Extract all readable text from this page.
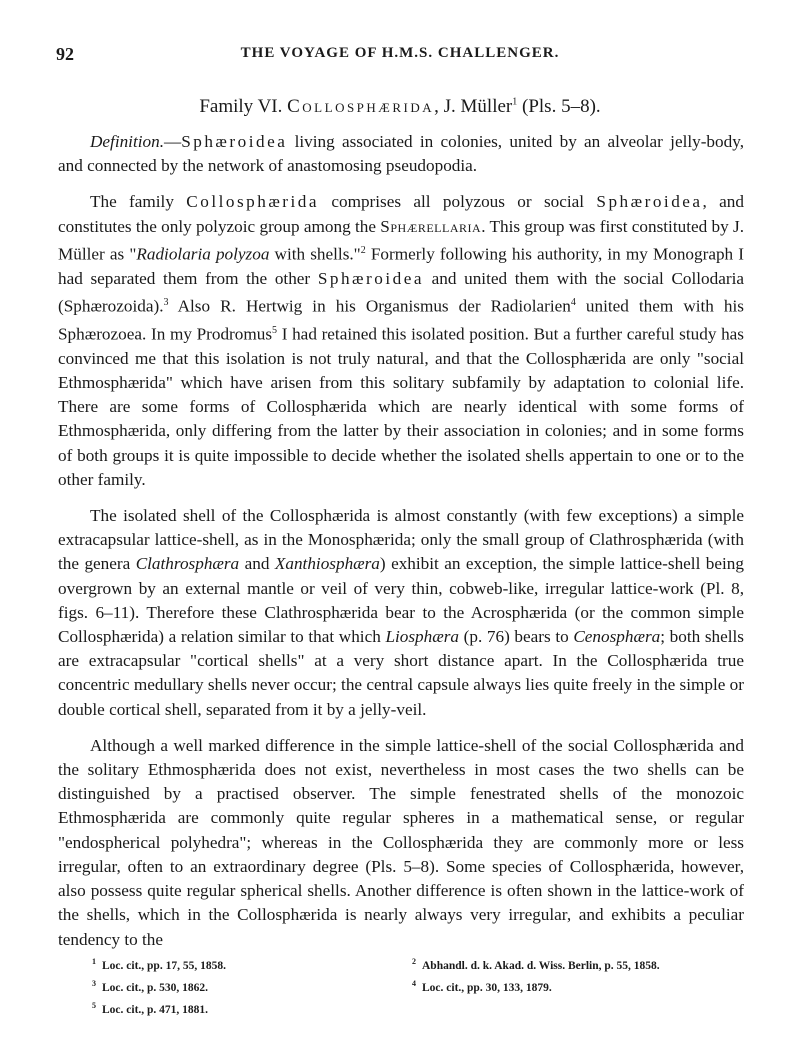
92	THE VOYAGE OF H.M.S. CHALLENGER.
Family VI. Collosphærida, J. Müller$^1$ (Pls. 5–8).

Definition.—Sphæroidea living associated in colonies, united by an alveolar jelly-body, and connected by the network of anastomosing pseudopodia.

The family Collosphærida comprises all polyzous or social Sphæroidea, and constitutes the only polyzoic group among the Sphærellaria. This group was first constituted by J. Müller as "Radiolaria polyzoa with shells."$^2$ Formerly following his authority, in my Monograph I had separated them from the other Sphæroidea and united them with the social Collodaria (Sphærozoida).$^3$ Also R. Hertwig in his Organismus der Radiolarien$^4$ united them with his Sphærozoea. In my Prodromus$^5$ I had retained this isolated position. But a further careful study has convinced me that this isolation is not truly natural, and that the Collosphærida are only "social Ethmosphærida" which have arisen from this solitary subfamily by adaptation to colonial life. There are some forms of Collosphærida which are nearly identical with some forms of Ethmosphærida, only differing from the latter by their association in colonies; and in some forms of both groups it is quite impossible to decide whether the isolated shells appertain to one or to the other family.

The isolated shell of the Collosphærida is almost constantly (with few exceptions) a simple extracapsular lattice-shell, as in the Monosphærida; only the small group of Clathrosphærida (with the genera Clathrosphæra and Xanthiosphæra) exhibit an exception, the simple lattice-shell being overgrown by an external mantle or veil of very thin, cobweb-like, irregular lattice-work (Pl. 8, figs. 6–11). Therefore these Clathrosphærida bear to the Acrosphærida (or the common simple Collosphærida) a relation similar to that which Liosphæra (p. 76) bears to Cenosphæra; both shells are extracapsular "cortical shells" at a very short distance apart. In the Collosphærida true concentric medullary shells never occur; the central capsule always lies quite freely in the simple or double cortical shell, separated from it by a jelly-veil.

Although a well marked difference in the simple lattice-shell of the social Collosphærida and the solitary Ethmosphærida does not exist, nevertheless in most cases the two shells can be distinguished by a practised observer. The simple fenestrated shells of the monozoic Ethmosphærida are commonly quite regular spheres in a mathematical sense, or regular "endospherical polyhedra"; whereas in the Collosphærida they are commonly more or less irregular, often to an extraordinary degree (Pls. 5–8). Some species of Collosphærida, however, also possess quite regular spherical shells. Another difference is often shown in the lattice-work of the shells, which in the Collosphærida is nearly always very irregular, and exhibits a peculiar tendency to the

$^1$ Loc. cit., pp. 17, 55, 1858.	$^2$ Abhandl. d. k. Akad. d. Wiss. Berlin, p. 55, 1858.
$^3$ Loc. cit., p. 530, 1862.	$^4$ Loc. cit., pp. 30, 133, 1879.
$^5$ Loc. cit., p. 471, 1881.
